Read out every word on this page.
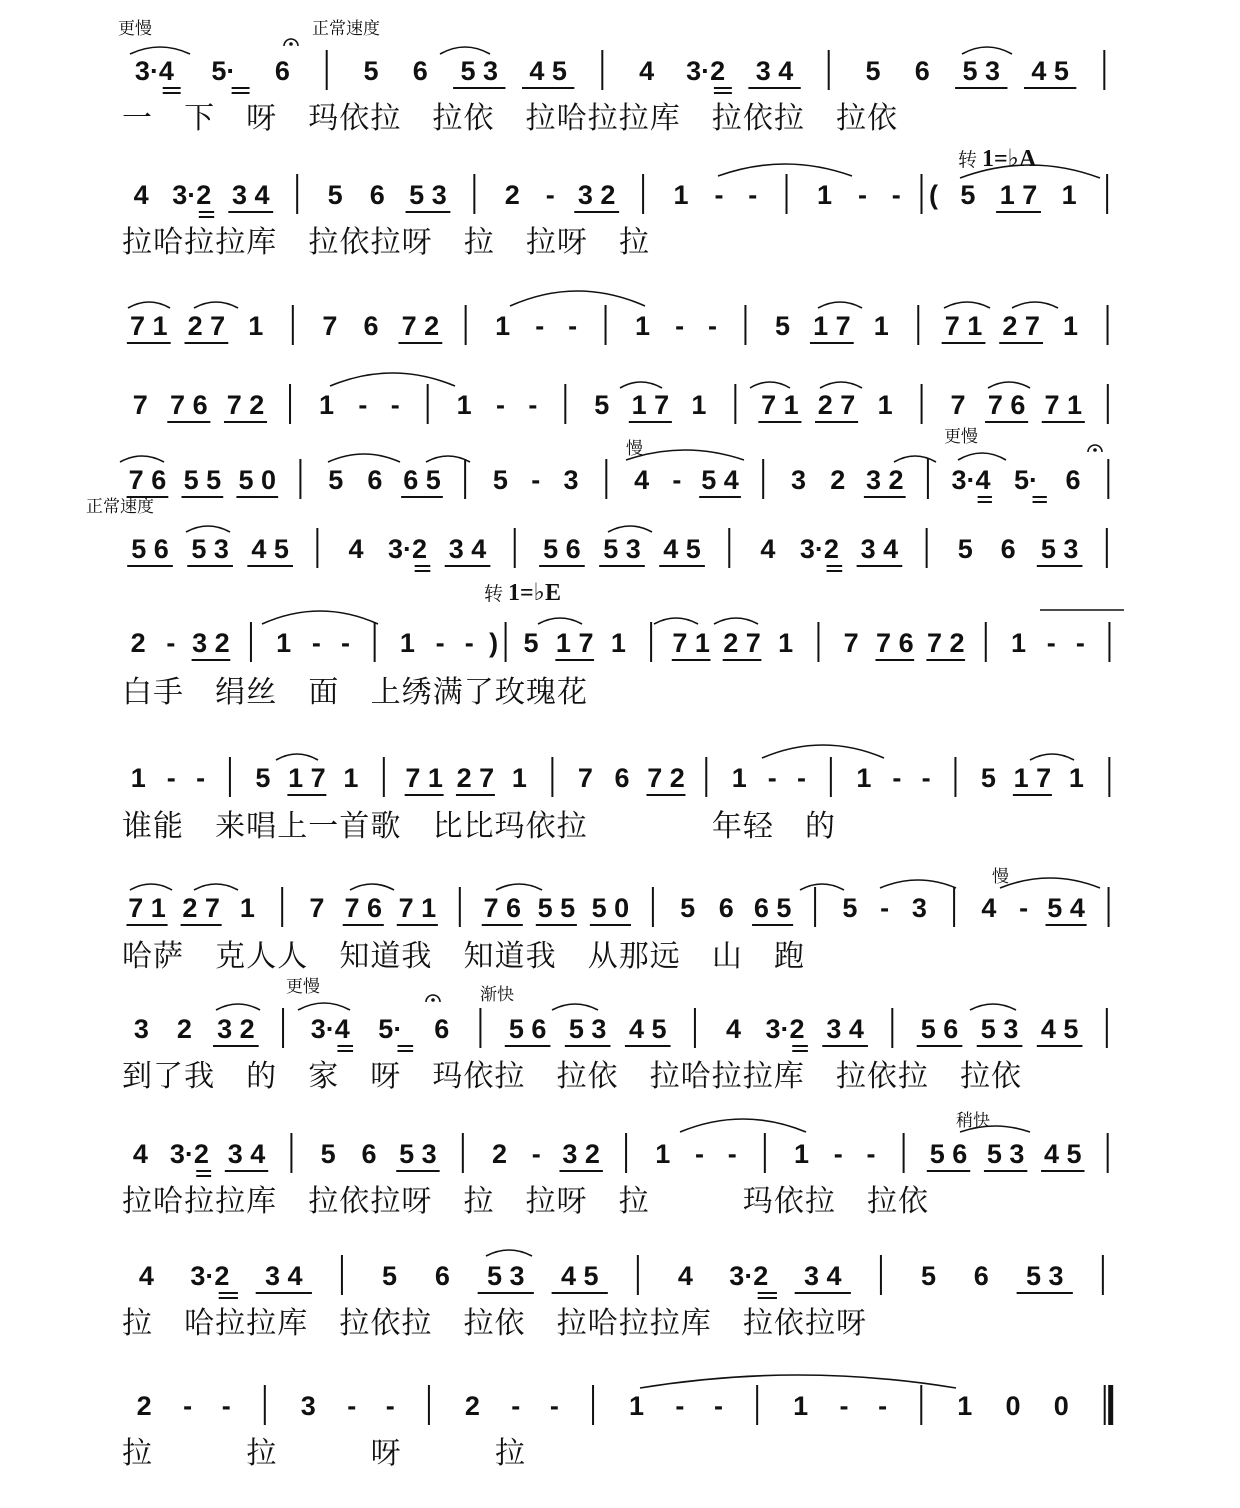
3·4 5· 6	5 6 5 3 4 5	4 3·2 3 4	5 6 5 3 4 5
一　下　呀　玛依拉　拉依　拉哈拉拉库　拉依拉　拉依
更慢	正常速度
4 3·2 3 4 5 6 5 3 2 - 3 2 1 - - 1 - - ( 5 1 7 1
拉哈拉拉库　拉依拉呀　拉　拉呀　拉
转 1=♭A
7 1 2 7 1 7 6 7 2 1 - - 1 - - 5 1 7 1 7 1 2 7 1
7 7 6 7 2 1 - - 1 - - 5 1 7 1 7 1 2 7 1 7 7 6 7 1
7 6 5 5 5 0 5 6 6 5 5 - 3 4 - 5 4 3 2 3 2 3·4 5· 6
慢
更慢
5 6 5 3 4 5 4 3·2 3 4 5 6 5 3 4 5 4 3·2 3 4 5 6 5 3
正常速度
2 - 3 2 1 - - 1 - - ) 5 1 7 1 7 1 2 7 1 7 7 6 7 2 1 - -
白手　绢丝　面　上绣满了玫瑰花
转 1=♭E
1 - - 5 1 7 1 7 1 2 7 1 7 6 7 2 1 - - 1 - - 5 1 7 1
谁能　来唱上一首歌　比比玛依拉　　　　年轻　的
7 1 2 7 1 7 7 6 7 1 7 6 5 5 5 0 5 6 6 5 5 - 3 4 - 5 4
哈萨　克人人　知道我　知道我　从那远　山　跑
慢
3 2 3 2 3·4 5· 6 5 6 5 3 4 5 4 3·2 3 4 5 6 5 3 4 5
到了我　的　家　呀　玛依拉　拉依　拉哈拉拉库　拉依拉　拉依
更慢	渐快
4 3·2 3 4 5 6 5 3 2 - 3 2 1 - - 1 - - 5 6 5 3 4 5
拉哈拉拉库　拉依拉呀　拉　拉呀　拉　　　玛依拉　拉依
稍快
4 3·2 3 4	5 6 5 3 4 5	4 3·2 3 4	5 6 5 3
拉　哈拉拉库　拉依拉　拉依　拉哈拉拉库　拉依拉呀
2 - -	3 - -	2 - -	1 - -	1 - -	1 0 0
拉　　　拉　　　呀　　　拉
